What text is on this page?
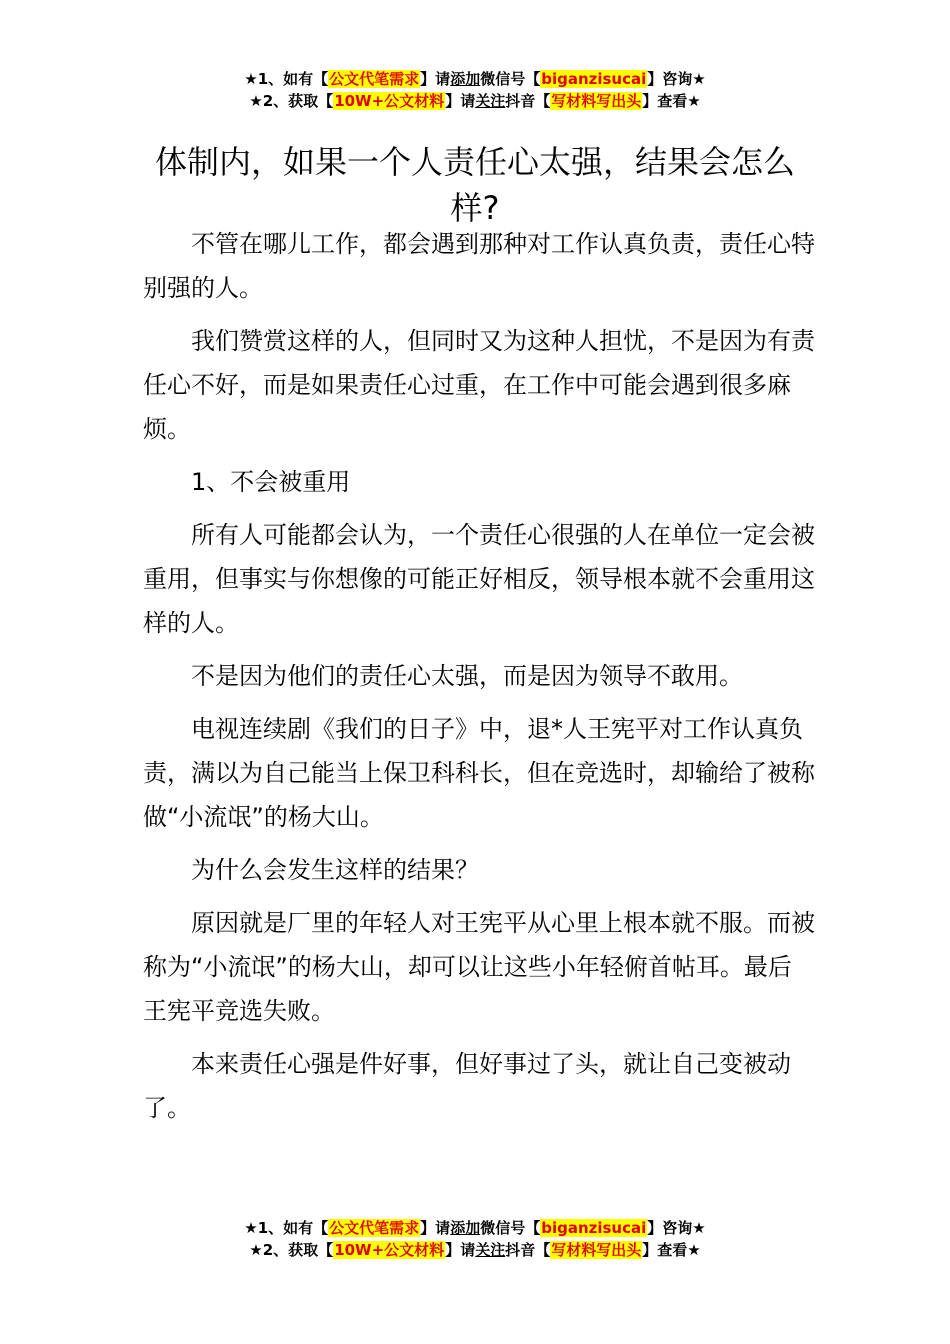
★1、如有【公文代笔需求】请添加微信号【biganzisucai】咨询★
★2、获取【10W+公文材料】请关注抖音【写材料写出头】查看★
体制内，如果一个人责任心太强，结果会怎么样?

不管在哪儿工作，都会遇到那种对工作认真负责，责任心特别强的人。

我们赞赏这样的人，但同时又为这种人担忧，不是因为有责任心不好，而是如果责任心过重，在工作中可能会遇到很多麻烦。

1、不会被重用

所有人可能都会认为，一个责任心很强的人在单位一定会被重用，但事实与你想像的可能正好相反，领导根本就不会重用这样的人。

不是因为他们的责任心太强，而是因为领导不敢用。

电视连续剧《我们的日子》中，退*人王宪平对工作认真负责，满以为自己能当上保卫科科长，但在竞选时，却输给了被称做“小流氓”的杨大山。

为什么会发生这样的结果？

原因就是厂里的年轻人对王宪平从心里上根本就不服。而被称为“小流氓”的杨大山，却可以让这些小年轻俯首帖耳。最后王宪平竞选失败。

本来责任心强是件好事，但好事过了头，就让自己变被动了。

★1、如有【公文代笔需求】请添加微信号【biganzisucai】咨询★
★2、获取【10W+公文材料】请关注抖音【写材料写出头】查看★
